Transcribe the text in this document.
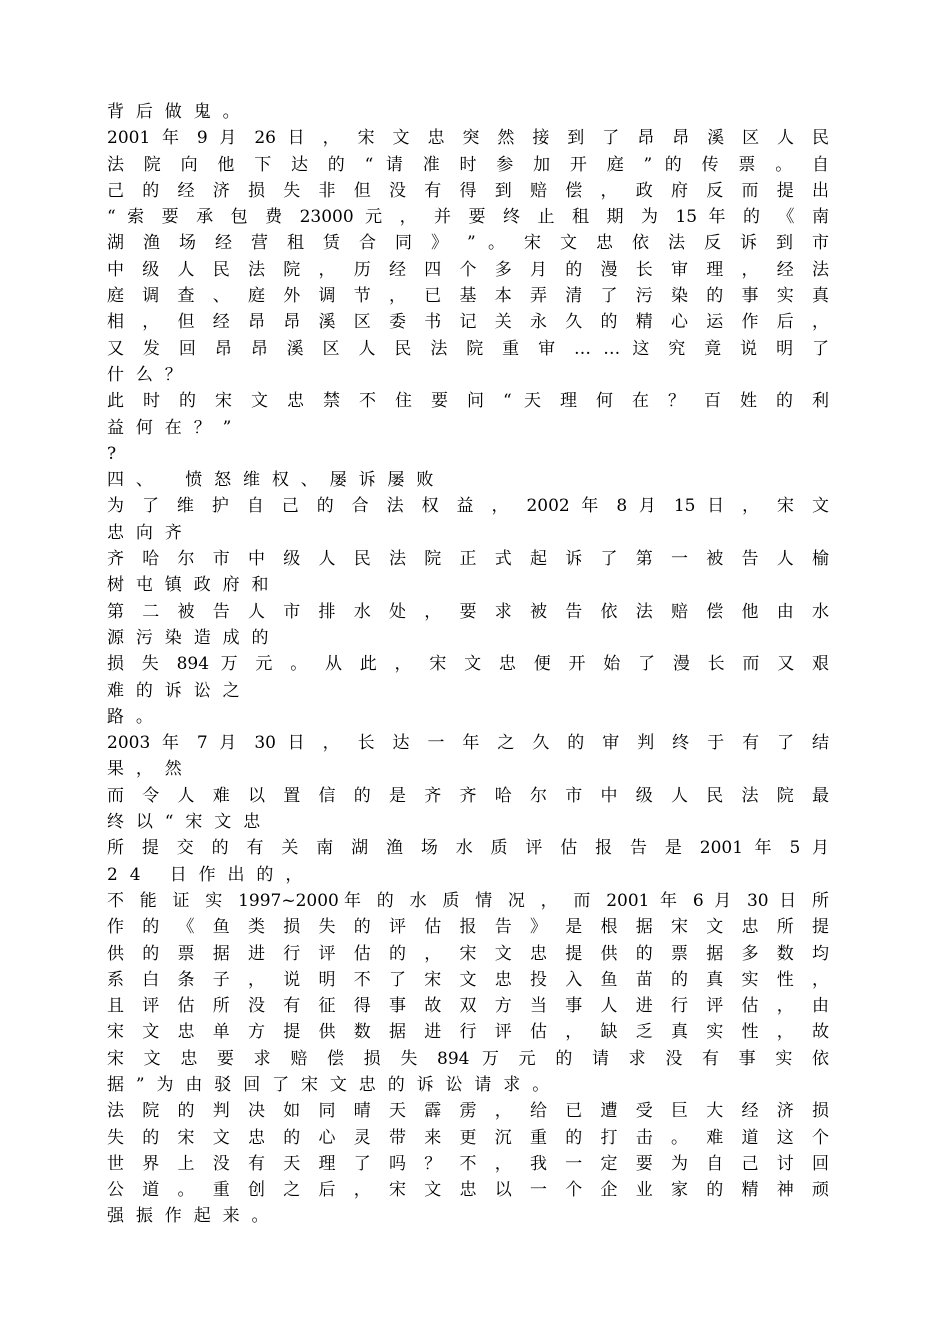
背后做鬼。
2001 年 9 月 26 日 ， 宋 文 忠 突 然 接 到 了 昂 昂 溪 区 人 民
法 院 向 他 下 达 的 “ 请 准 时 参 加 开 庭 ” 的 传 票 。 自
己 的 经 济 损 失 非 但 没 有 得 到 赔 偿 ， 政 府 反 而 提 出
“ 索 要 承 包 费 23000 元 ， 并 要 终 止 租 期 为 15 年 的 《 南
湖 渔 场 经 营 租 赁 合 同 》 ” 。 宋 文 忠 依 法 反 诉 到 市
中 级 人 民 法 院 ， 历 经 四 个 多 月 的 漫 长 审 理 ， 经 法
庭 调 查 、 庭 外 调 节 ， 已 基 本 弄 清 了 污 染 的 事 实 真
相 ， 但 经 昂 昂 溪 区 委 书 记 关 永 久 的 精 心 运 作 后 ，
又 发 回 昂 昂 溪 区 人 民 法 院 重 审 … … 这 究 竟 说 明 了
什么？
此 时 的 宋 文 忠 禁 不 住 要 问 “ 天 理 何 在 ？ 百 姓 的 利
益何在？”
?
四、　愤怒维权、屡诉屡败
为 了 维 护 自 己 的 合 法 权 益 ， 2002 年 8 月 15 日 ， 宋 文
忠向齐
齐 哈 尔 市 中 级 人 民 法 院 正 式 起 诉 了 第 一 被 告 人 榆
树屯镇政府和
第 二 被 告 人 市 排 水 处 ， 要 求 被 告 依 法 赔 偿 他 由 水
源污染造成的
损 失 894 万 元 。 从 此 ， 宋 文 忠 便 开 始 了 漫 长 而 又 艰
难的诉讼之
路。
2003 年 7 月 30 日 ， 长 达 一 年 之 久 的 审 判 终 于 有 了 结
果，然
而 令 人 难 以 置 信 的 是 齐 齐 哈 尔 市 中 级 人 民 法 院 最
终以“宋文忠
所 提 交 的 有 关 南 湖 渔 场 水 质 评 估 报 告 是 2001 年 5 月
24 日作出的，
不 能 证 实 1997~2000年 的 水 质 情 况 ， 而 2001 年 6 月 30 日 所
作 的 《 鱼 类 损 失 的 评 估 报 告 》 是 根 据 宋 文 忠 所 提
供 的 票 据 进 行 评 估 的 ， 宋 文 忠 提 供 的 票 据 多 数 均
系 白 条 子 ， 说 明 不 了 宋 文 忠 投 入 鱼 苗 的 真 实 性 ，
且 评 估 所 没 有 征 得 事 故 双 方 当 事 人 进 行 评 估 ， 由
宋 文 忠 单 方 提 供 数 据 进 行 评 估 ， 缺 乏 真 实 性 ， 故
宋 文 忠 要 求 赔 偿 损 失 894 万 元 的 请 求 没 有 事 实 依
据”为由驳回了宋文忠的诉讼请求。
法 院 的 判 决 如 同 晴 天 霹 雳 ， 给 已 遭 受 巨 大 经 济 损
失 的 宋 文 忠 的 心 灵 带 来 更 沉 重 的 打 击 。 难 道 这 个
世 界 上 没 有 天 理 了 吗 ？ 不 ， 我 一 定 要 为 自 己 讨 回
公 道 。 重 创 之 后 ， 宋 文 忠 以 一 个 企 业 家 的 精 神 顽
强振作起来。
